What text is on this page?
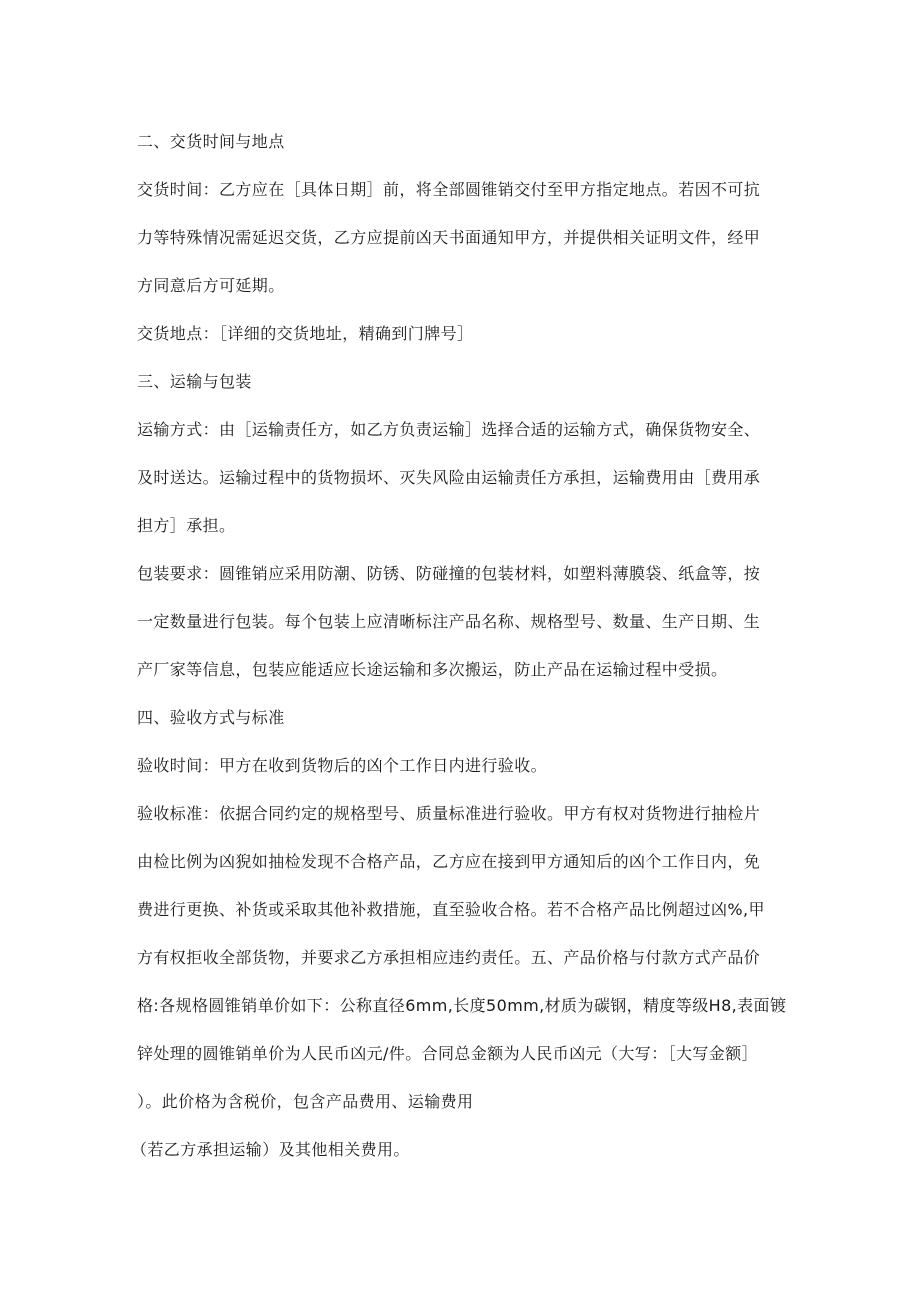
二、交货时间与地点
交货时间：乙方应在［具体日期］前，将全部圆锥销交付至甲方指定地点。若因不可抗
力等特殊情况需延迟交货，乙方应提前凶天书面通知甲方，并提供相关证明文件，经甲
方同意后方可延期。
交货地点：［详细的交货地址，精确到门牌号］
三、运输与包装
运输方式：由［运输责任方，如乙方负责运输］选择合适的运输方式，确保货物安全、
及时送达。运输过程中的货物损坏、灭失风险由运输责任方承担，运输费用由［费用承
担方］承担。
包装要求：圆锥销应采用防潮、防锈、防碰撞的包装材料，如塑料薄膜袋、纸盒等，按
一定数量进行包装。每个包装上应清晰标注产品名称、规格型号、数量、生产日期、生
产厂家等信息，包装应能适应长途运输和多次搬运，防止产品在运输过程中受损。
四、验收方式与标准
验收时间：甲方在收到货物后的凶个工作日内进行验收。
验收标准：依据合同约定的规格型号、质量标准进行验收。甲方有权对货物进行抽检片
由检比例为凶猊如抽检发现不合格产品，乙方应在接到甲方通知后的凶个工作日内，免
费进行更换、补货或采取其他补救措施，直至验收合格。若不合格产品比例超过凶%,甲
方有权拒收全部货物，并要求乙方承担相应违约责任。五、产品价格与付款方式产品价
格:各规格圆锥销单价如下：公称直径6mm,长度50mm,材质为碳钢，精度等级H8,表面镀
锌处理的圆锥销单价为人民币凶元/件。合同总金额为人民币凶元（大写：［大写金额］
）。此价格为含税价，包含产品费用、运输费用
（若乙方承担运输）及其他相关费用。
